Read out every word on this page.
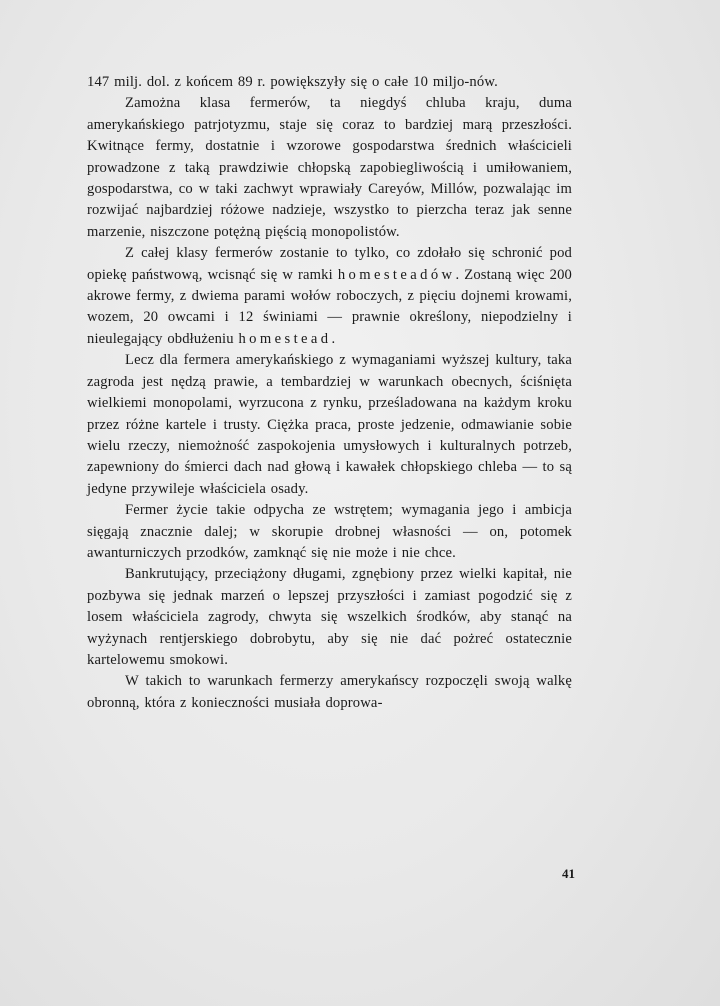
147 milj. dol. z końcem 89 r. powiększyły się o całe 10 miljo-nów.

Zamożna klasa fermerów, ta niegdyś chluba kraju, duma amerykańskiego patrjotyzmu, staje się coraz to bardziej marą przeszłości. Kwitnące fermy, dostatnie i wzorowe gospodarstwa średnich właścicieli prowadzone z taką prawdziwie chłopską zapobiegliwością i umiłowaniem, gospodarstwa, co w taki zachwyt wprawiały Careyów, Millów, pozwalając im rozwijać najbardziej różowe nadzieje, wszystko to pierzcha teraz jak senne marzenie, niszczone potężną pięścią monopolistów.

Z całej klasy fermerów zostanie to tylko, co zdołało się schronić pod opiekę państwową, wcisnąć się w ramki homesteadów. Zostaną więc 200 akrowe fermy, z dwiema parami wołów roboczych, z pięciu dojnemi krowami, wozem, 20 owcami i 12 świniami — prawnie określony, niepodzielny i nieulegający obdłużeniu homestead.

Lecz dla fermera amerykańskiego z wymaganiami wyższej kultury, taka zagroda jest nędzą prawie, a tembardziej w warunkach obecnych, ściśnięta wielkiemi monopolami, wyrzucona z rynku, prześladowana na każdym kroku przez różne kartele i trusty. Ciężka praca, proste jedzenie, odmawianie sobie wielu rzeczy, niemożność zaspokojenia umysłowych i kulturalnych potrzeb, zapewniony do śmierci dach nad głową i kawałek chłopskiego chleba — to są jedyne przywileje właściciela osady.

Fermer życie takie odpycha ze wstrętem; wymagania jego i ambicja sięgają znacznie dalej; w skorupie drobnej własności — on, potomek awanturniczych przodków, zamknąć się nie może i nie chce.

Bankrutujący, przeciążony długami, zgnębiony przez wielki kapitał, nie pozbywa się jednak marzeń o lepszej przyszłości i zamiast pogodzić się z losem właściciela zagrody, chwyta się wszelkich środków, aby stanąć na wyżynach rentjerskiego dobrobytu, aby się nie dać pożreć ostatecznie kartelowemu smokowi.

W takich to warunkach fermerzy amerykańscy rozpoczęli swoją walkę obronną, która z konieczności musiała doprowa-

41
